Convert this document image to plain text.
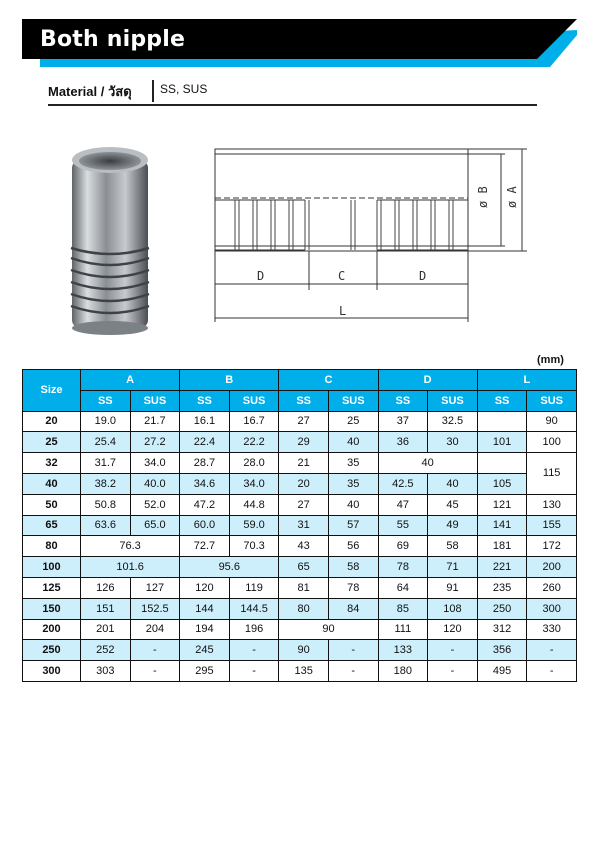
Both nipple
Material / วัสดุ SS, SUS
ø B ø A
D	C	D
L
(mm)
Size	A		B		C		D		L	
	SS	SUS	SS	SUS	SS	SUS	SS	SUS	SS	SUS
20	19.0	21.7	16.1	16.7	27	25	37	32.5		90
25	25.4	27.2	22.4	22.2	29	40	36	30	101	100
32	31.7	34.0	28.7	28.0	21	35	40			115
40	38.2	40.0	34.6	34.0	20	35	42.5	40	105	
50	50.8	52.0	47.2	44.8	27	40	47	45	121	130
65	63.6	65.0	60.0	59.0	31	57	55	49	141	155
80	76.3		72.7	70.3	43	56	69	58	181	172
100	101.6		95.6		65	58	78	71	221	200
125	126	127	120	119	81	78	64	91	235	260
150	151	152.5	144	144.5	80	84	85	108	250	300
200	201	204	194	196	90		111	120	312	330
250	252	-	245	-	90	-	133	-	356	-
300	303	-	295	-	135	-	180	-	495	-
